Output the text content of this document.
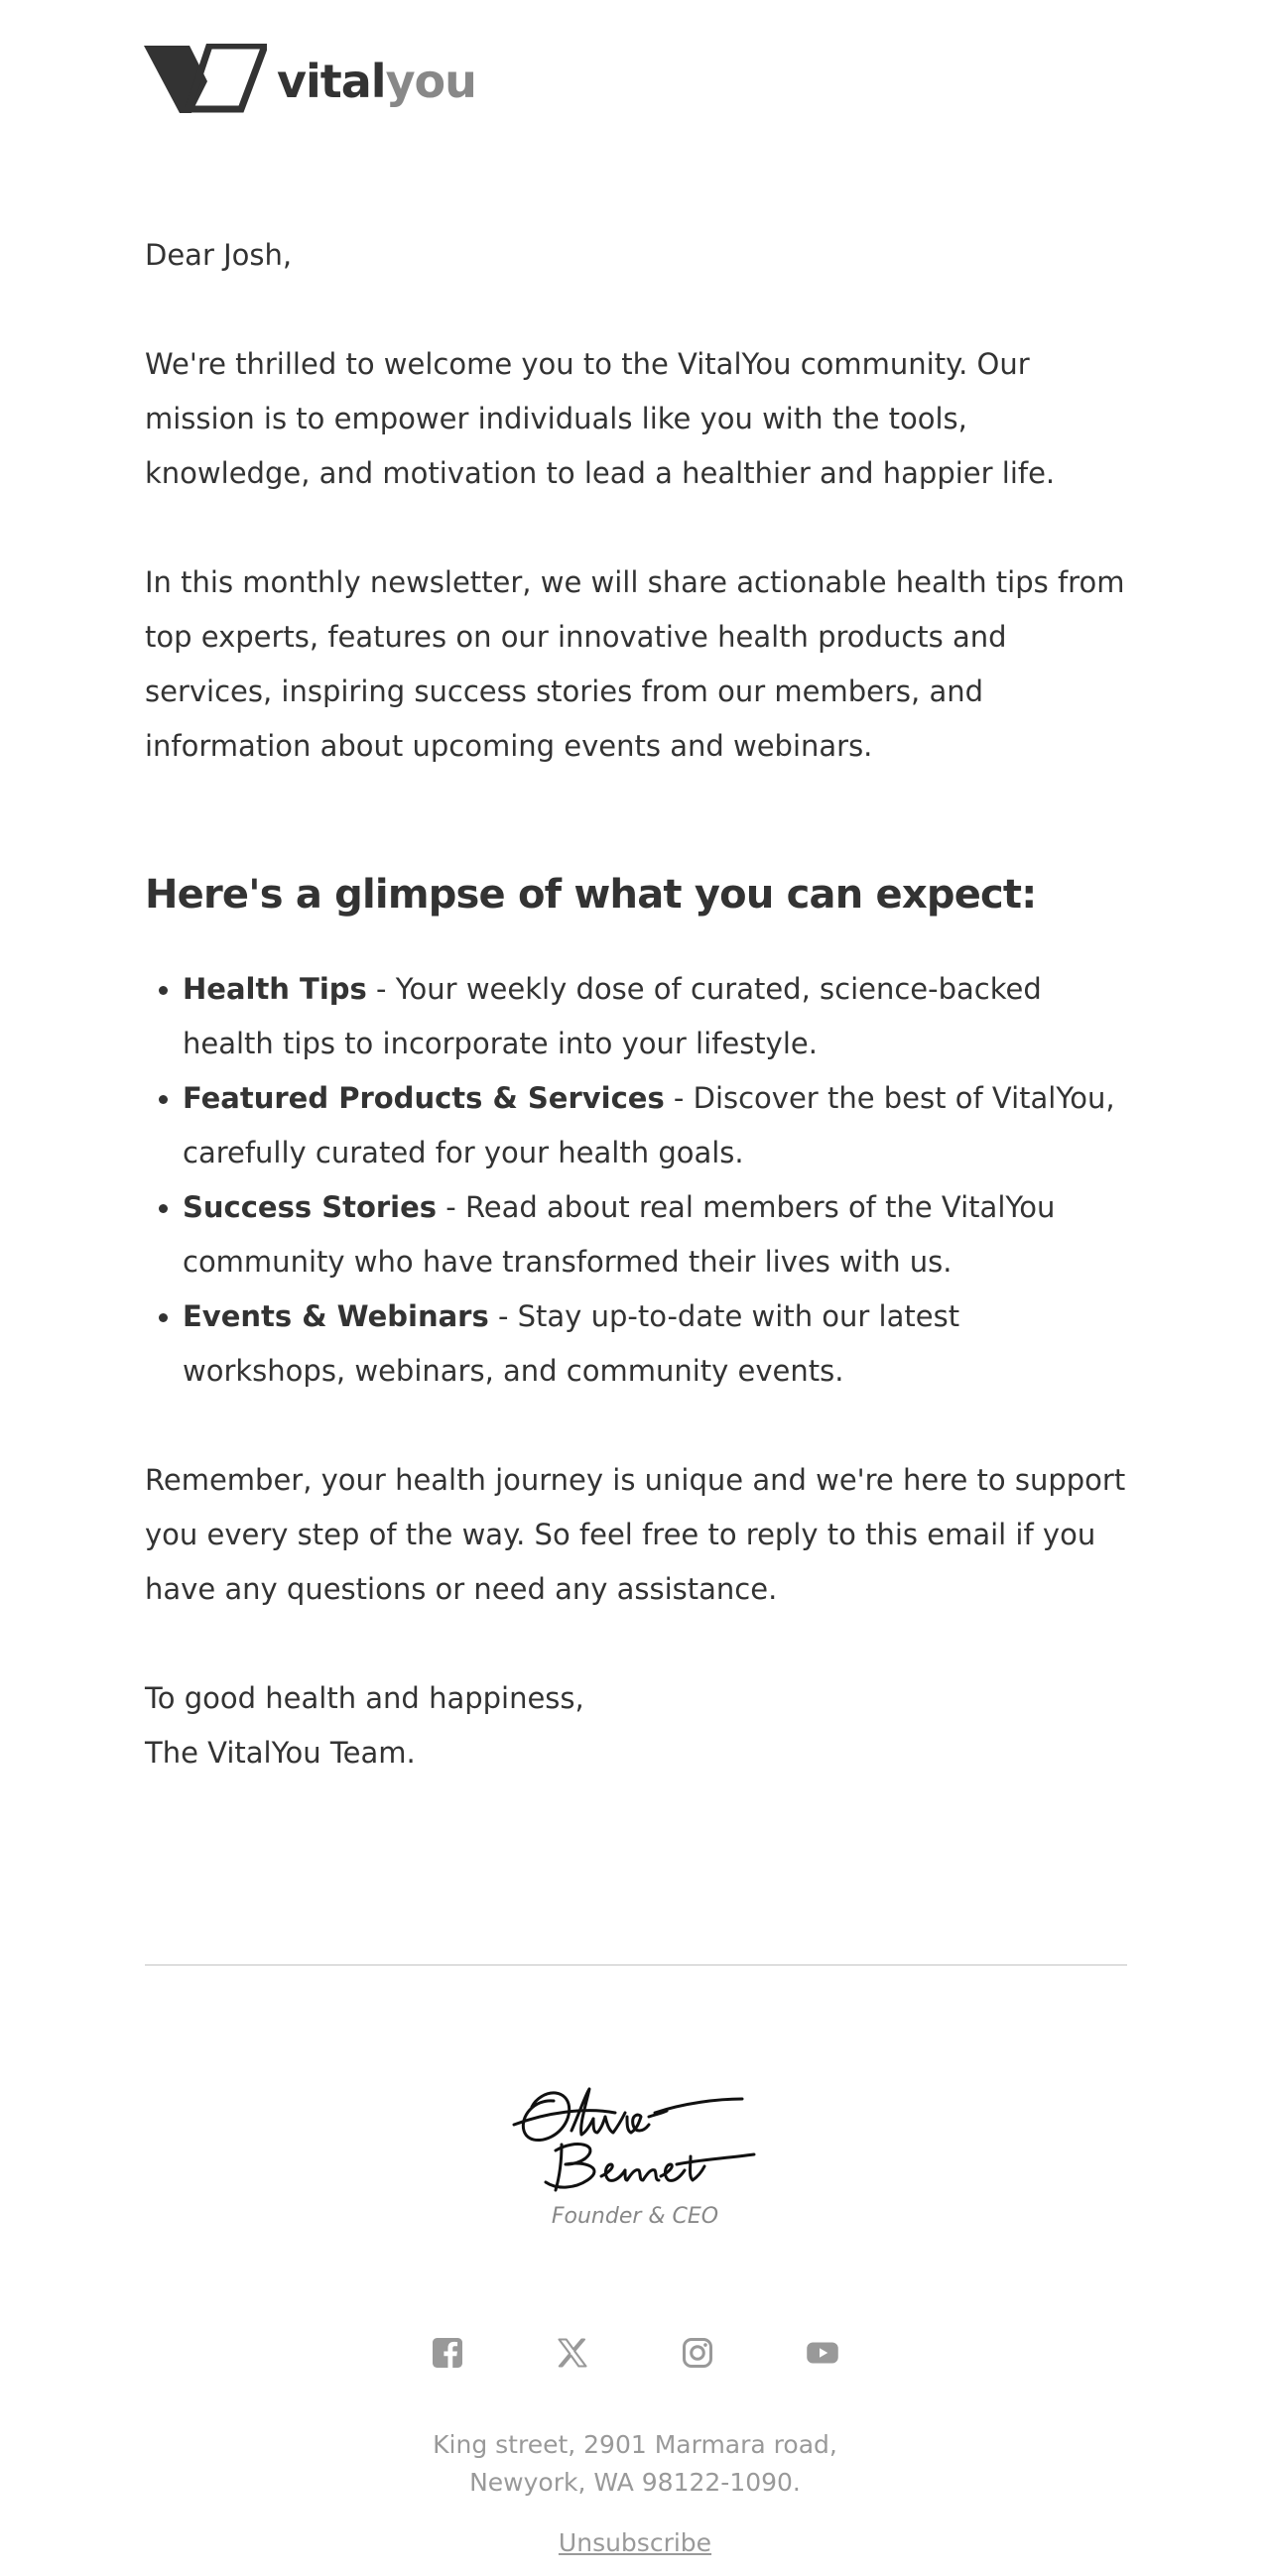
vitalyou

Dear Josh,

We're thrilled to welcome you to the VitalYou community. Our mission is to empower individuals like you with the tools, knowledge, and motivation to lead a healthier and happier life.

In this monthly newsletter, we will share actionable health tips from top experts, features on our innovative health products and services, inspiring success stories from our members, and information about upcoming events and webinars.

Here's a glimpse of what you can expect:
Health Tips - Your weekly dose of curated, science-backed health tips to incorporate into your lifestyle.
Featured Products & Services - Discover the best of VitalYou, carefully curated for your health goals.
Success Stories - Read about real members of the VitalYou community who have transformed their lives with us.
Events & Webinars - Stay up-to-date with our latest workshops, webinars, and community events.

Remember, your health journey is unique and we're here to support you every step of the way. So feel free to reply to this email if you have any questions or need any assistance.

To good health and happiness,

The VitalYou Team.

Founder & CEO
King street, 2901 Marmara road,
Newyork, WA 98122-1090.
Unsubscribe
